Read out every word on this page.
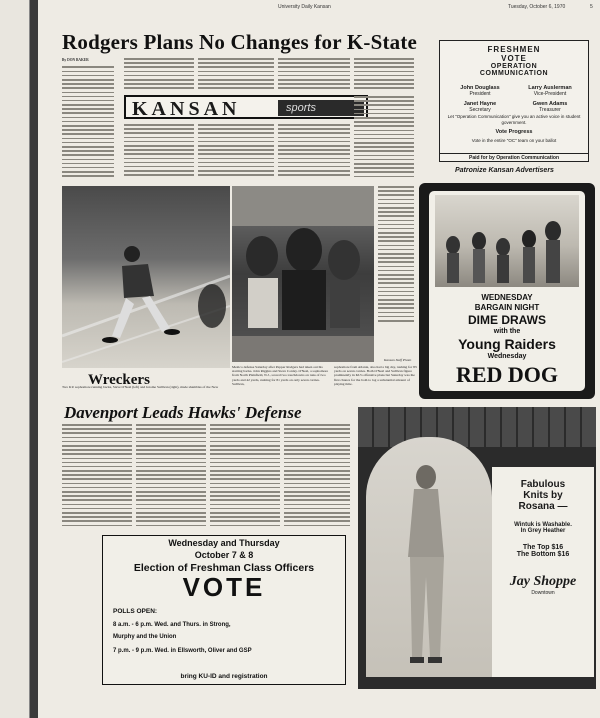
University Daily Kansan	Tuesday, October 6, 1970	5
Rodgers Plans No Changes for K-State
By DON BAKER
KANSAN	sports
Wreckers
Two KU sophomore running backs, Steve O'Neal (left) and Jerome Sullivan (right), made shambles of the New
Mexico defense Saturday after Pepper Rodgers had taken out his starting backs. John Riggins and Steve Conley. O'Neal, a sophomore from North Plainfield, N.J., scored two touchdowns on runs of two yards and 42 yards, rushing for 81 yards on only seven carries. Sullivan,
sophomore from Atlanta, also had a big day, rushing for 83 yards on seven carries. Both O'Neal and Sullivan figure prominently in KU's offensive plans but Saturday was the first chance for the both to log a substantial amount of playing time.
Kansan Staff Photo
Davenport Leads Hawks' Defense
FRESHMEN
VOTE
OPERATION
COMMUNICATION
John Douglass
President
Larry Auslerman
Vice-President
Janet Hayne
Secretary
Gwen Adams
Treasurer
Let "Operation Communication" give you an active voice in student government.
Vote Progress
Vote in the entire "OC" team on your ballot
Paid for by Operation Communication
Patronize Kansan Advertisers
WEDNESDAY
BARGAIN NIGHT
DIME DRAWS
with the
Young Raiders
Wednesday
RED DOG
Fabulous
Knits by
Rosana —
Wintuk is Washable.
In Grey Heather
The Top $16
The Bottom $16
Jay Shoppe
Downtown
Wednesday and Thursday
October 7 & 8
Election of Freshman Class Officers
VOTE
POLLS OPEN:
8 a.m. - 6 p.m. Wed. and Thurs. in Strong,
Murphy and the Union
7 p.m. - 9 p.m. Wed. in Ellsworth, Oliver and GSP
bring KU-ID and registration
